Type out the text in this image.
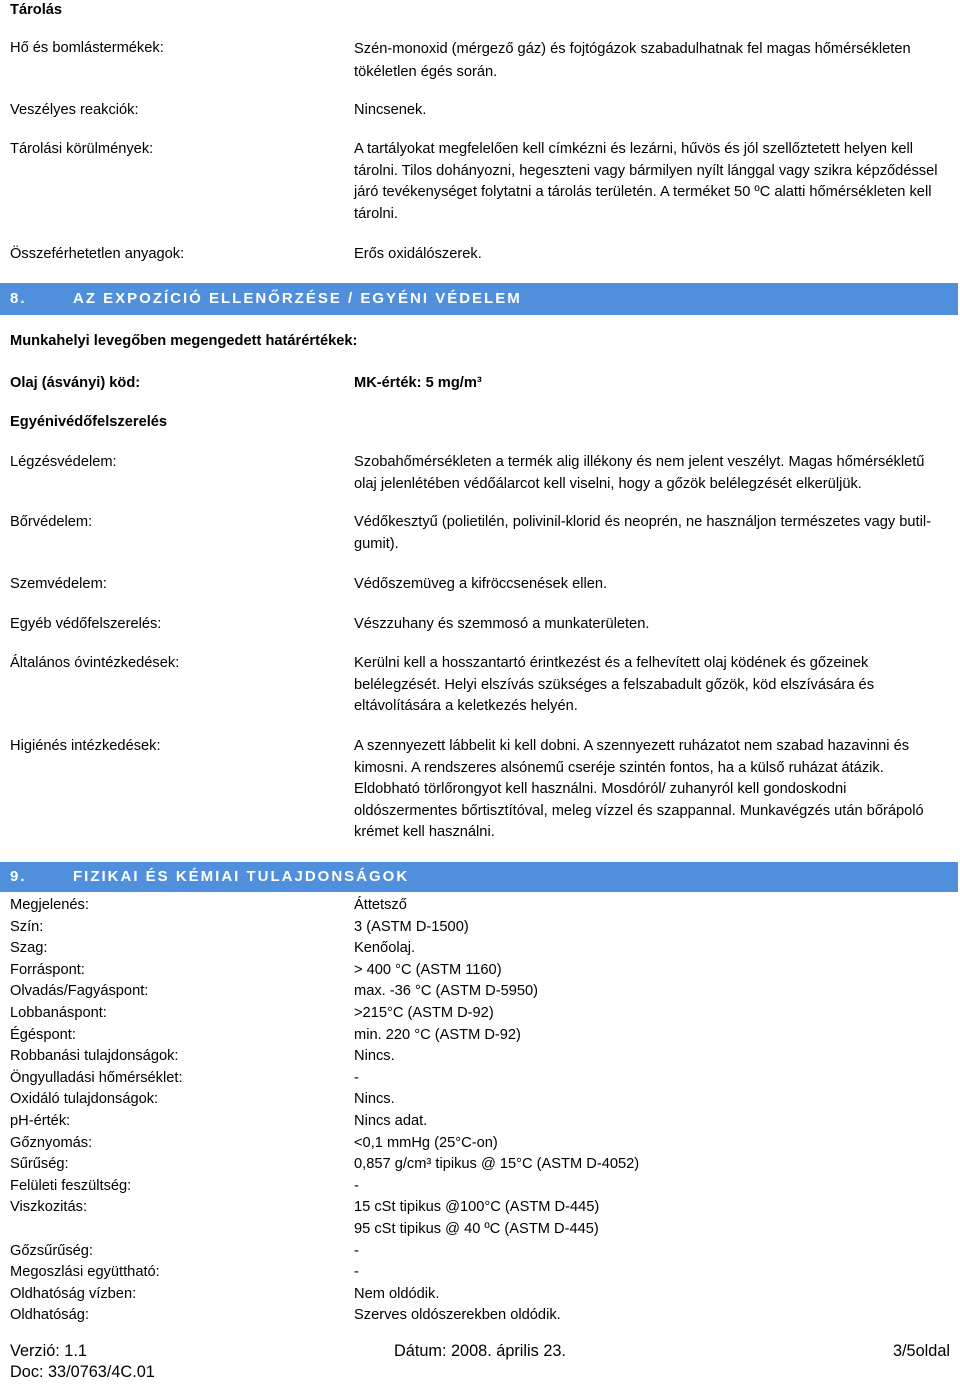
Tárolás
Hő és bomlástermékek:	Szén-monoxid (mérgező gáz) és fojtógázok szabadulhatnak fel magas hőmérsékleten
tökéletlen égés során.
Veszélyes reakciók:	Nincsenek.
Tárolási körülmények:	A tartályokat megfelelően kell címkézni és lezárni, hűvös és jól szellőztetett helyen kell
tárolni. Tilos dohányozni, hegeszteni vagy bármilyen nyílt lánggal vagy szikra képződéssel
járó tevékenységet folytatni a tárolás területén. A terméket 50 ºC alatti hőmérsékleten kell
tárolni.
Összeférhetetlen anyagok:	Erős oxidálószerek.
8.	AZ EXPOZÍCIÓ ELLENŐRZÉSE / EGYÉNI VÉDELEM
Munkahelyi levegőben megengedett határértékek:
Olaj (ásványi) köd:	MK-érték: 5 mg/m³
Egyénivédőfelszerelés
Légzésvédelem:	Szobahőmérsékleten a termék alig illékony és nem jelent veszélyt. Magas hőmérsékletű
olaj jelenlétében védőálarcot kell viselni, hogy a gőzök belélegzését elkerüljük.
Bőrvédelem:	Védőkesztyű (polietilén, polivinil-klorid és neoprén, ne használjon természetes vagy butil-
gumit).
Szemvédelem:	Védőszemüveg a kifröccsenések ellen.
Egyéb védőfelszerelés:	Vészzuhany és szemmosó a munkaterületen.
Általános óvintézkedések:	Kerülni kell a hosszantartó érintkezést és a felhevített olaj ködének és gőzeinek
belélegzését. Helyi elszívás szükséges a felszabadult gőzök, köd elszívására és
eltávolítására a keletkezés helyén.
Higiénés intézkedések:	A szennyezett lábbelit ki kell dobni. A szennyezett ruházatot nem szabad hazavinni és
kimosni. A rendszeres alsónemű cseréje szintén fontos, ha a külső ruházat átázik.
Eldobható törlőrongyot kell használni. Mosdóról/ zuhanyról kell gondoskodni
oldószermentes bőrtisztítóval, meleg vízzel és szappannal. Munkavégzés után bőrápoló
krémet kell használni.
9.	FIZIKAI ÉS KÉMIAI TULAJDONSÁGOK
Megjelenés:	Áttetsző
Szín:	3 (ASTM D-1500)
Szag:	Kenőolaj.
Forráspont:	> 400 °C (ASTM 1160)
Olvadás/Fagyáspont:	max. -36 °C (ASTM D-5950)
Lobbanáspont:	>215°C (ASTM D-92)
Égéspont:	min. 220 °C (ASTM D-92)
Robbanási tulajdonságok:	Nincs.
Öngyulladási hőmérséklet:	-
Oxidáló tulajdonságok:	Nincs.
pH-érték:	Nincs adat.
Gőznyomás:	<0,1 mmHg (25°C-on)
Sűrűség:	0,857 g/cm³ tipikus @ 15°C (ASTM D-4052)
Felületi feszültség:	-
Viszkozitás:	15 cSt tipikus @100°C (ASTM D-445)
95 cSt tipikus @ 40 ºC (ASTM D-445)
Gőzsűrűség:	-
Megoszlási együttható:	-
Oldhatóság vízben:	Nem oldódik.
Oldhatóság:	Szerves oldószerekben oldódik.
Verzió: 1.1
Doc: 33/0763/4C.01
Dátum: 2008. április 23.	3/5oldal
